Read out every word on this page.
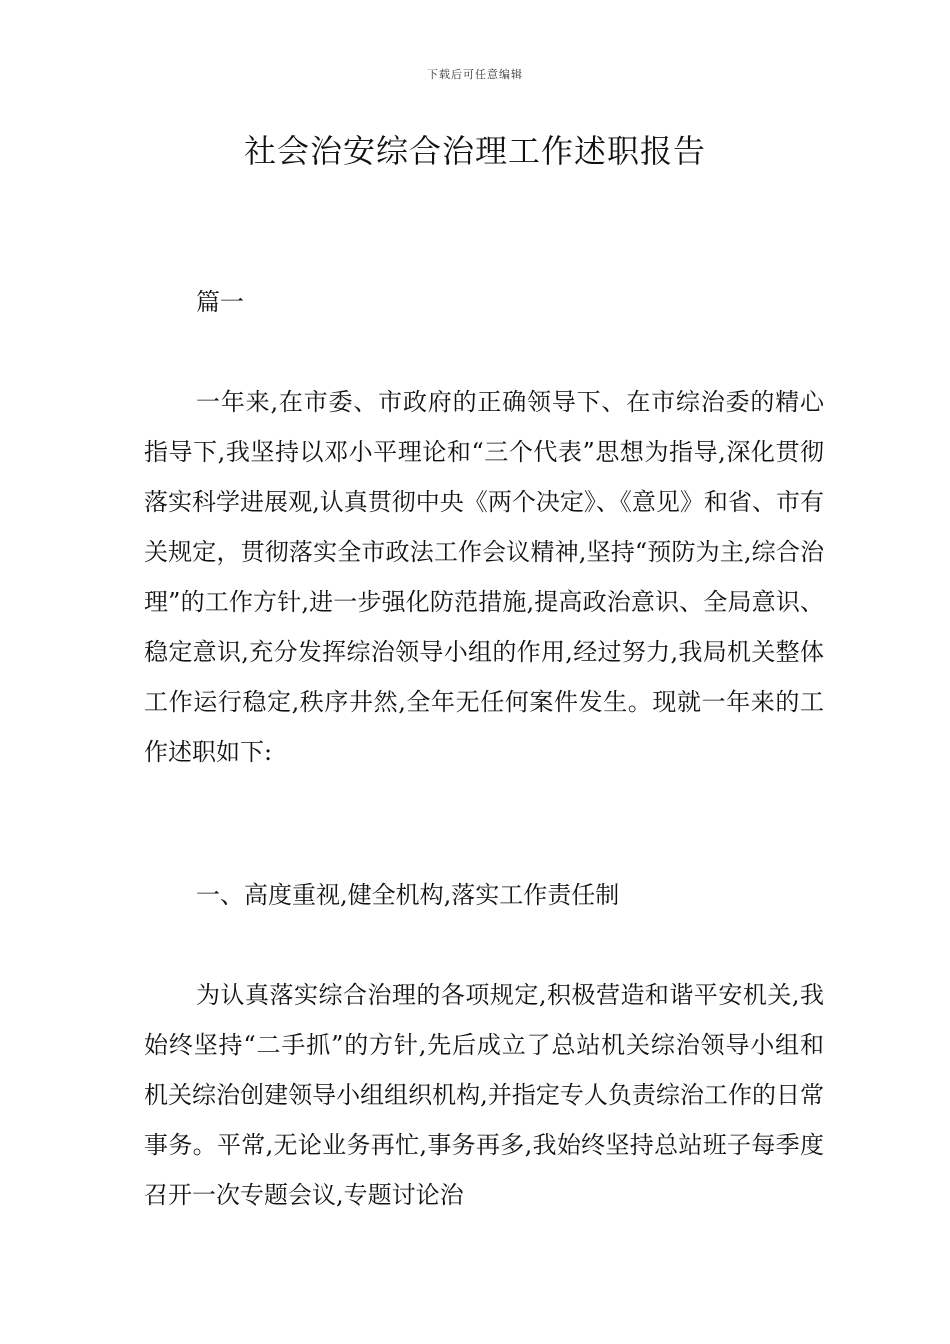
下载后可任意编辑
社会治安综合治理工作述职报告

篇一

一年来,在市委、市政府的正确领导下、在市综治委的精心指导下,我坚持以邓小平理论和“三个代表”思想为指导,深化贯彻落实科学进展观,认真贯彻中央《两个决定》、《意见》和省、市有关规定，贯彻落实全市政法工作会议精神,坚持“预防为主,综合治理”的工作方针,进一步强化防范措施,提高政治意识、全局意识、稳定意识,充分发挥综治领导小组的作用,经过努力,我局机关整体工作运行稳定,秩序井然,全年无任何案件发生。现就一年来的工作述职如下:

一、高度重视,健全机构,落实工作责任制

为认真落实综合治理的各项规定,积极营造和谐平安机关,我始终坚持“二手抓”的方针,先后成立了总站机关综治领导小组和机关综治创建领导小组组织机构,并指定专人负责综治工作的日常事务。平常,无论业务再忙,事务再多,我始终坚持总站班子每季度召开一次专题会议,专题讨论治
